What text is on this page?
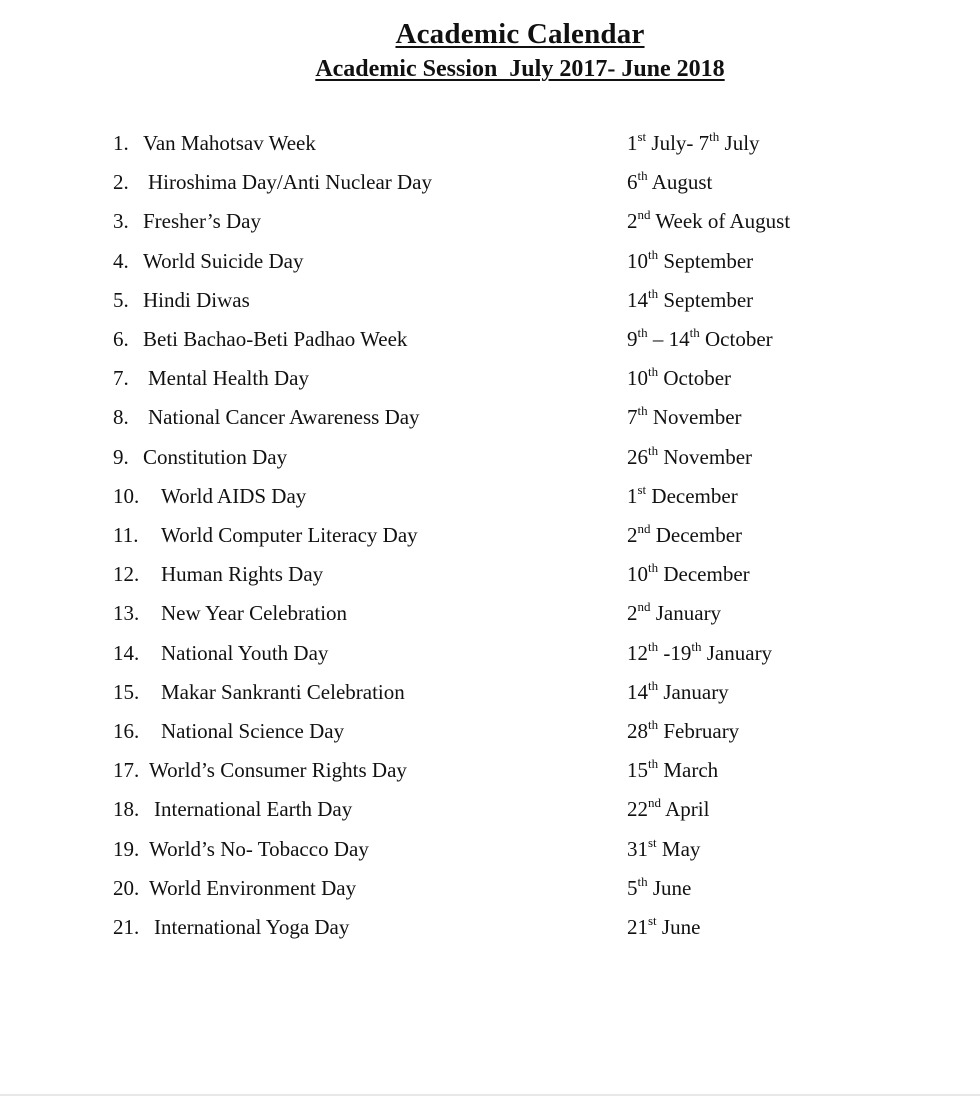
Academic Calendar
Academic Session  July 2017- June 2018
1. Van Mahotsav Week	1st July- 7th July
2. Hiroshima Day/Anti Nuclear Day	6th August
3. Fresher’s Day	2nd Week of August
4. World Suicide Day	10th September
5. Hindi Diwas	14th September
6. Beti Bachao-Beti Padhao Week	9th – 14th October
7. Mental Health Day	10th October
8. National Cancer Awareness Day	7th November
9. Constitution Day	26th November
10. World AIDS Day	1st December
11. World Computer Literacy Day	2nd December
12. Human Rights Day	10th December
13. New Year Celebration	2nd January
14. National Youth Day	12th -19th January
15. Makar Sankranti Celebration	14th January
16. National Science Day	28th February
17. World’s Consumer Rights Day	15th March
18. International Earth Day	22nd April
19. World’s No- Tobacco Day	31st May
20. World Environment Day	5th June
21. International Yoga Day	21st June
